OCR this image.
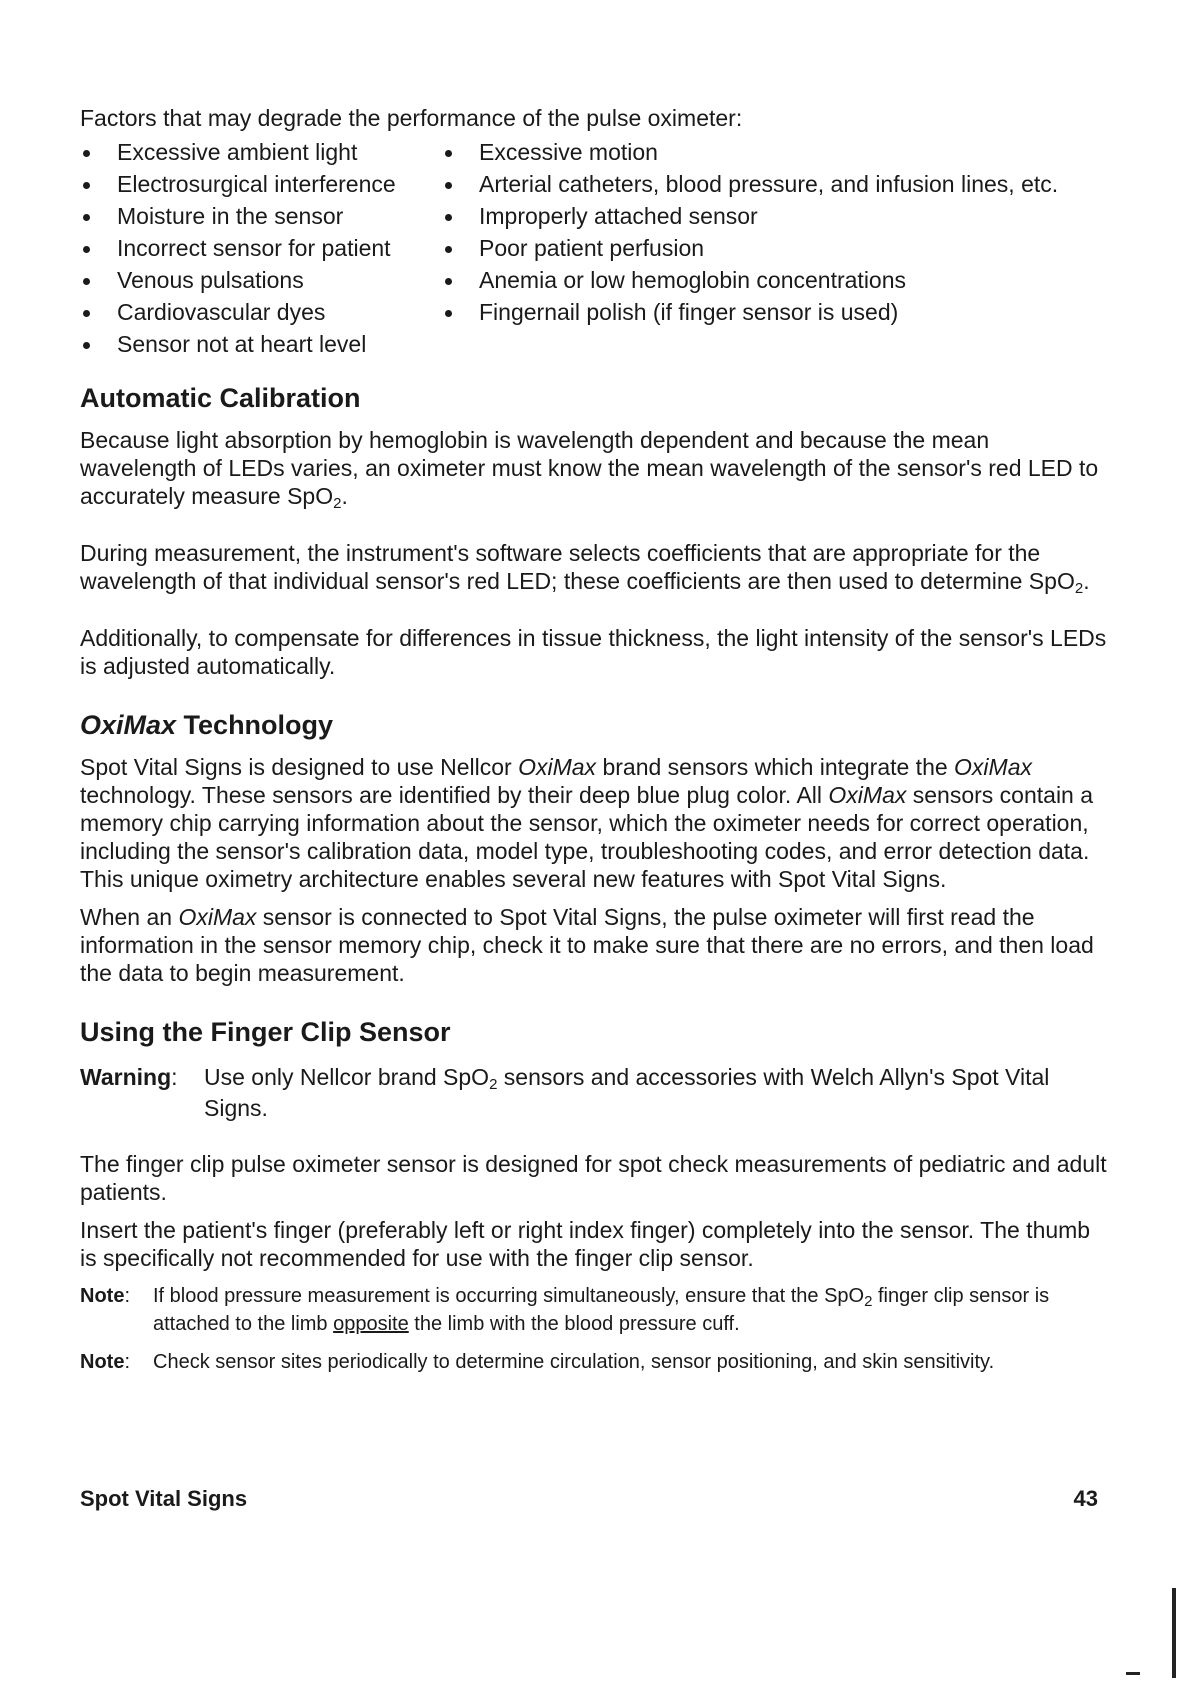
Factors that may degrade the performance of the pulse oximeter:

Excessive ambient light
Electrosurgical interference
Moisture in the sensor
Incorrect sensor for patient
Venous pulsations
Cardiovascular dyes
Sensor not at heart level
Excessive motion
Arterial catheters, blood pressure, and infusion lines, etc.
Improperly attached sensor
Poor patient perfusion
Anemia or low hemoglobin concentrations
Fingernail polish (if finger sensor is used)
Automatic Calibration

Because light absorption by hemoglobin is wavelength dependent and because the mean wavelength of LEDs varies, an oximeter must know the mean wavelength of the sensor's red LED to accurately measure SpO$_2$.

During measurement, the instrument's software selects coefficients that are appropriate for the wavelength of that individual sensor's red LED; these coefficients are then used to determine SpO$_2$.

Additionally, to compensate for differences in tissue thickness, the light intensity of the sensor's LEDs is adjusted automatically.

OxiMax Technology

Spot Vital Signs is designed to use Nellcor OxiMax brand sensors which integrate the OxiMax technology. These sensors are identified by their deep blue plug color. All OxiMax sensors contain a memory chip carrying information about the sensor, which the oximeter needs for correct operation, including the sensor's calibration data, model type, troubleshooting codes, and error detection data. This unique oximetry architecture enables several new features with Spot Vital Signs.

When an OxiMax sensor is connected to Spot Vital Signs, the pulse oximeter will first read the information in the sensor memory chip, check it to make sure that there are no errors, and then load the data to begin measurement.

Using the Finger Clip Sensor
Warning:	Use only Nellcor brand SpO$_2$ sensors and accessories with Welch Allyn's Spot Vital Signs.

The finger clip pulse oximeter sensor is designed for spot check measurements of pediatric and adult patients.

Insert the patient's finger (preferably left or right index finger) completely into the sensor. The thumb is specifically not recommended for use with the finger clip sensor.

Note:	If blood pressure measurement is occurring simultaneously, ensure that the SpO$_2$ finger clip sensor is attached to the limb opposite the limb with the blood pressure cuff.
Note:	Check sensor sites periodically to determine circulation, sensor positioning, and skin sensitivity.
Spot Vital Signs	43
